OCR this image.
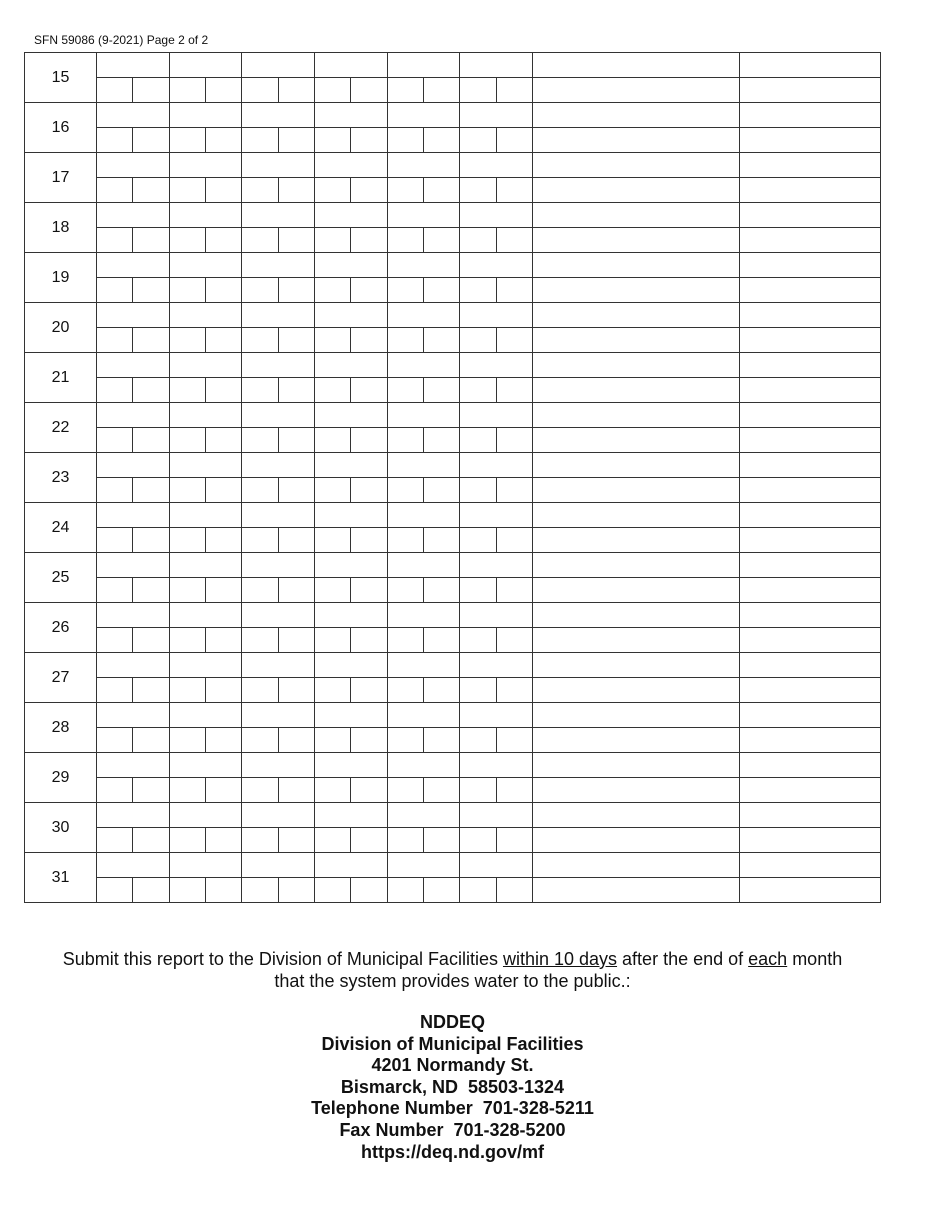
SFN 59086 (9-2021) Page 2 of 2
15														

16														

17														

18														

19														

20														

21														

22														

23														

24														

25														

26														

27														

28														

29														

30														

31														

Submit this report to the Division of Municipal Facilities within 10 days after the end of each month
that the system provides water to the public.:
NDDEQ
Division of Municipal Facilities
4201 Normandy St.
Bismarck, ND  58503-1324
Telephone Number  701-328-5211
Fax Number  701-328-5200
https://deq.nd.gov/mf
